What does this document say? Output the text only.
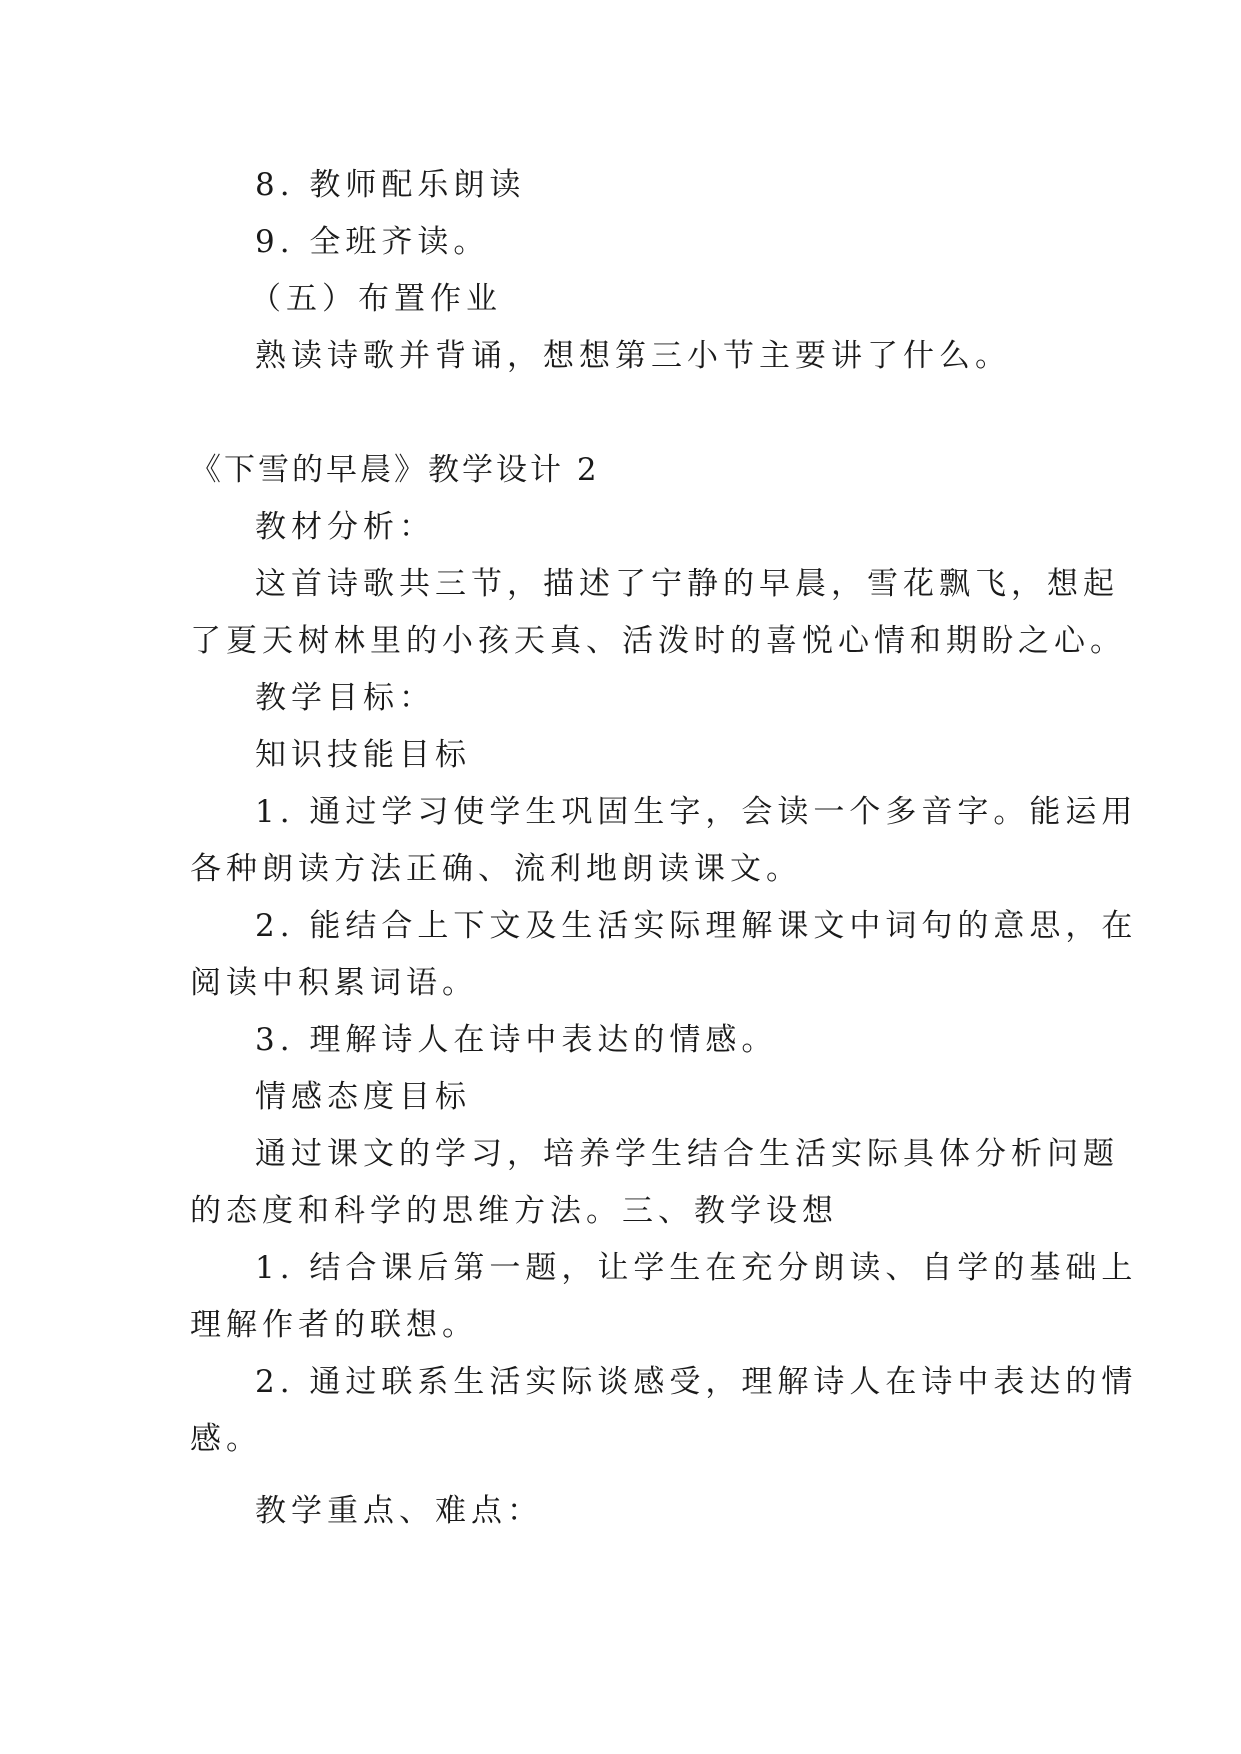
8. 教师配乐朗读
9. 全班齐读。
（五）布置作业
熟读诗歌并背诵，想想第三小节主要讲了什么。
《下雪的早晨》教学设计 2
教材分析：
这首诗歌共三节，描述了宁静的早晨，雪花飘飞，想起
了夏天树林里的小孩天真、活泼时的喜悦心情和期盼之心。
教学目标：
知识技能目标
1. 通过学习使学生巩固生字，会读一个多音字。能运用
各种朗读方法正确、流利地朗读课文。
2. 能结合上下文及生活实际理解课文中词句的意思，在
阅读中积累词语。
3. 理解诗人在诗中表达的情感。
情感态度目标
通过课文的学习，培养学生结合生活实际具体分析问题
的态度和科学的思维方法。三、教学设想
1. 结合课后第一题，让学生在充分朗读、自学的基础上
理解作者的联想。
2. 通过联系生活实际谈感受，理解诗人在诗中表达的情
感。
教学重点、难点：
